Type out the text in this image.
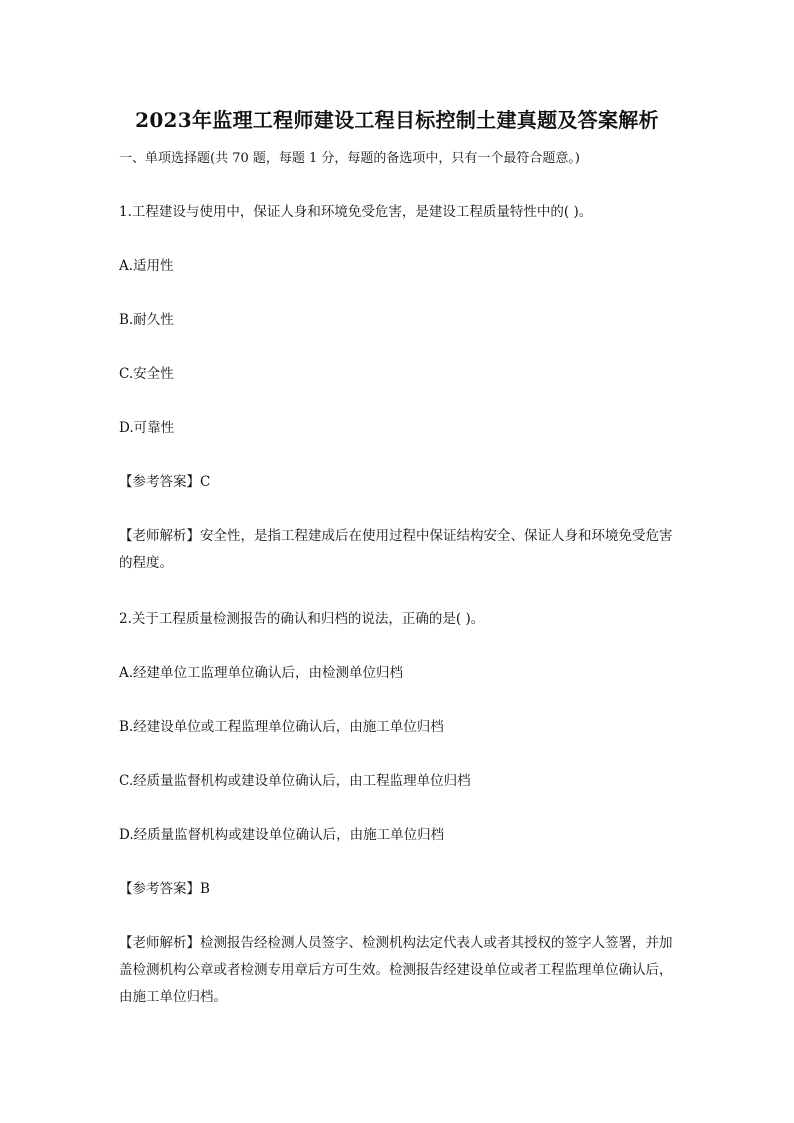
2023年监理工程师建设工程目标控制土建真题及答案解析

一、单项选择题(共 70 题，每题 1 分，每题的备选项中，只有一个最符合题意。)

1.工程建设与使用中，保证人身和环境免受危害，是建设工程质量特性中的( )。

A.适用性

B.耐久性

C.安全性

D.可靠性

【参考答案】C

【老师解析】安全性，是指工程建成后在使用过程中保证结构安全、保证人身和环境免受危害的程度。

2.关于工程质量检测报告的确认和归档的说法，正确的是( )。

A.经建单位工监理单位确认后，由检测单位归档

B.经建设单位或工程监理单位确认后，由施工单位归档

C.经质量监督机构或建设单位确认后，由工程监理单位归档

D.经质量监督机构或建设单位确认后，由施工单位归档

【参考答案】B

【老师解析】检测报告经检测人员签字、检测机构法定代表人或者其授权的签字人签署，并加盖检测机构公章或者检测专用章后方可生效。检测报告经建设单位或者工程监理单位确认后，由施工单位归档。
